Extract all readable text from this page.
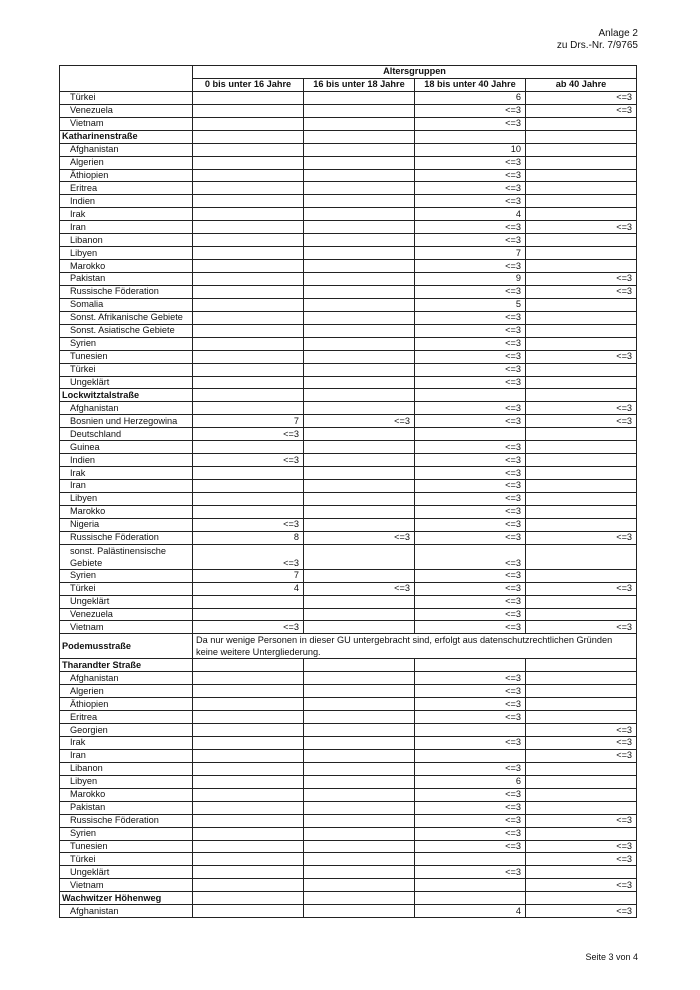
Anlage 2
zu Drs.-Nr. 7/9765
	Altersgruppen			
	0 bis unter 16 Jahre	16 bis unter 18 Jahre	18 bis unter 40 Jahre	ab 40 Jahre
Türkei			6	<=3
Venezuela			<=3	<=3
Vietnam			<=3	
Katharinenstraße				
Afghanistan			10	
Algerien			<=3	
Äthiopien			<=3	
Eritrea			<=3	
Indien			<=3	
Irak			4	
Iran			<=3	<=3
Libanon			<=3	
Libyen			7	
Marokko			<=3	
Pakistan			9	<=3
Russische Föderation			<=3	<=3
Somalia			5	
Sonst. Afrikanische Gebiete			<=3	
Sonst. Asiatische Gebiete			<=3	
Syrien			<=3	
Tunesien			<=3	<=3
Türkei			<=3	
Ungeklärt			<=3	
Lockwitztalstraße				
Afghanistan			<=3	<=3
Bosnien und Herzegowina	7	<=3	<=3	<=3
Deutschland	<=3			
Guinea			<=3	
Indien	<=3		<=3	
Irak			<=3	
Iran			<=3	
Libyen			<=3	
Marokko			<=3	
Nigeria	<=3		<=3	
Russische Föderation	8	<=3	<=3	<=3
sonst. Palästinensische Gebiete	<=3		<=3	
Syrien	7		<=3	
Türkei	4	<=3	<=3	<=3
Ungeklärt			<=3	
Venezuela			<=3	
Vietnam	<=3		<=3	<=3
Podemusstraße	Da nur wenige Personen in dieser GU untergebracht sind, erfolgt aus datenschutzrechtlichen Gründen keine weitere Untergliederung.			
Tharandter Straße				
Afghanistan			<=3	
Algerien			<=3	
Äthiopien			<=3	
Eritrea			<=3	
Georgien				<=3
Irak			<=3	<=3
Iran				<=3
Libanon			<=3	
Libyen			6	
Marokko			<=3	
Pakistan			<=3	
Russische Föderation			<=3	<=3
Syrien			<=3	
Tunesien			<=3	<=3
Türkei				<=3
Ungeklärt			<=3	
Vietnam				<=3
Wachwitzer Höhenweg				
Afghanistan			4	<=3
Seite 3 von 4
